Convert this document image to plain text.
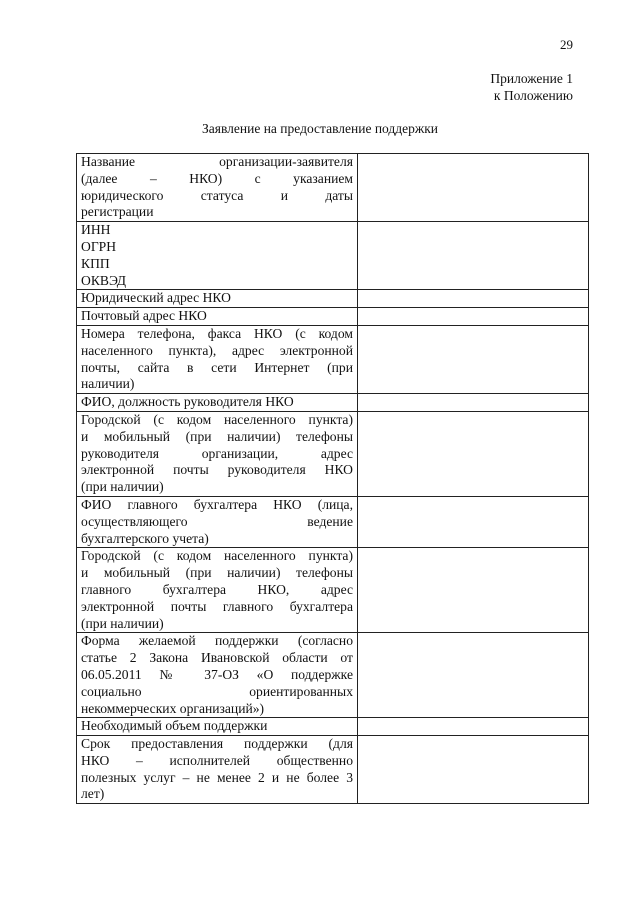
29
Приложение 1
к Положению
Заявление на предоставление поддержки
Название организации-заявителя
(далее – НКО) с указанием
юридического статуса и даты
регистрации	

ИНН
ОГРН
КПП
ОКВЭД	

Юридический адрес НКО	

Почтовый адрес НКО	

Номера телефона, факса НКО (с кодом
населенного пункта), адрес электронной
почты, сайта в сети Интернет (при
наличии)	

ФИО, должность руководителя НКО	

Городской (с кодом населенного пункта)
и мобильный (при наличии) телефоны
руководителя организации, адрес
электронной почты руководителя НКО
(при наличии)	

ФИО главного бухгалтера НКО (лица,
осуществляющего ведение
бухгалтерского учета)	

Городской (с кодом населенного пункта)
и мобильный (при наличии) телефоны
главного бухгалтера НКО, адрес
электронной почты главного бухгалтера
(при наличии)	

Форма желаемой поддержки (согласно
статье 2 Закона Ивановской области от
06.05.2011 № 37-ОЗ «О поддержке
социально ориентированных
некоммерческих организаций»)	

Необходимый объем поддержки	

Срок предоставления поддержки (для
НКО – исполнителей общественно
полезных услуг – не менее 2 и не более 3
лет)	
